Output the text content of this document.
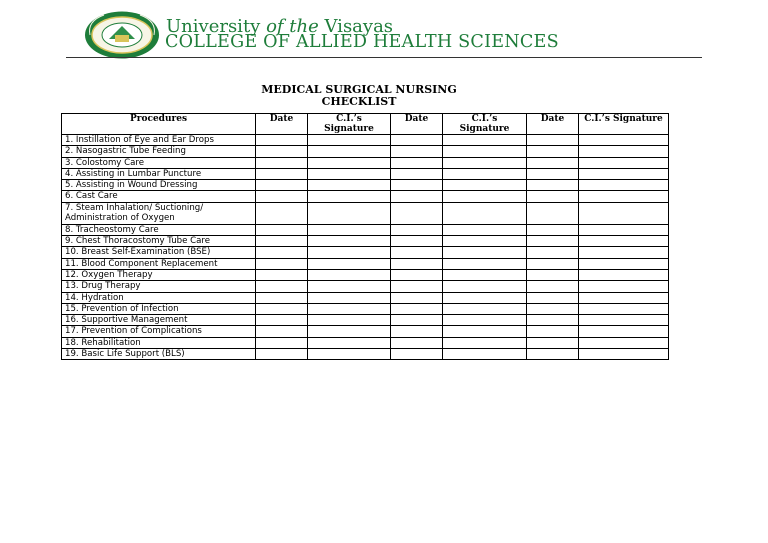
University of the Visayas
COLLEGE OF ALLIED HEALTH SCIENCES
MEDICAL SURGICAL NURSING
CHECKLIST
Procedures	Date	C.I.’s Signature	Date	C.I.’s Signature	Date	C.I.’s Signature
1. Instillation of Eye and Ear Drops						
2. Nasogastric Tube Feeding						
3. Colostomy Care						
4. Assisting in Lumbar Puncture						
5. Assisting in Wound Dressing						
6. Cast Care						
7. Steam Inhalation/ Suctioning/ Administration of Oxygen						
8. Tracheostomy Care						
9. Chest Thoracostomy Tube Care						
10. Breast Self-Examination (BSE)						
11. Blood Component Replacement						
12. Oxygen Therapy						
13. Drug Therapy						
14. Hydration						
15. Prevention of Infection						
16. Supportive Management						
17. Prevention of Complications						
18. Rehabilitation						
19. Basic Life Support (BLS)						
